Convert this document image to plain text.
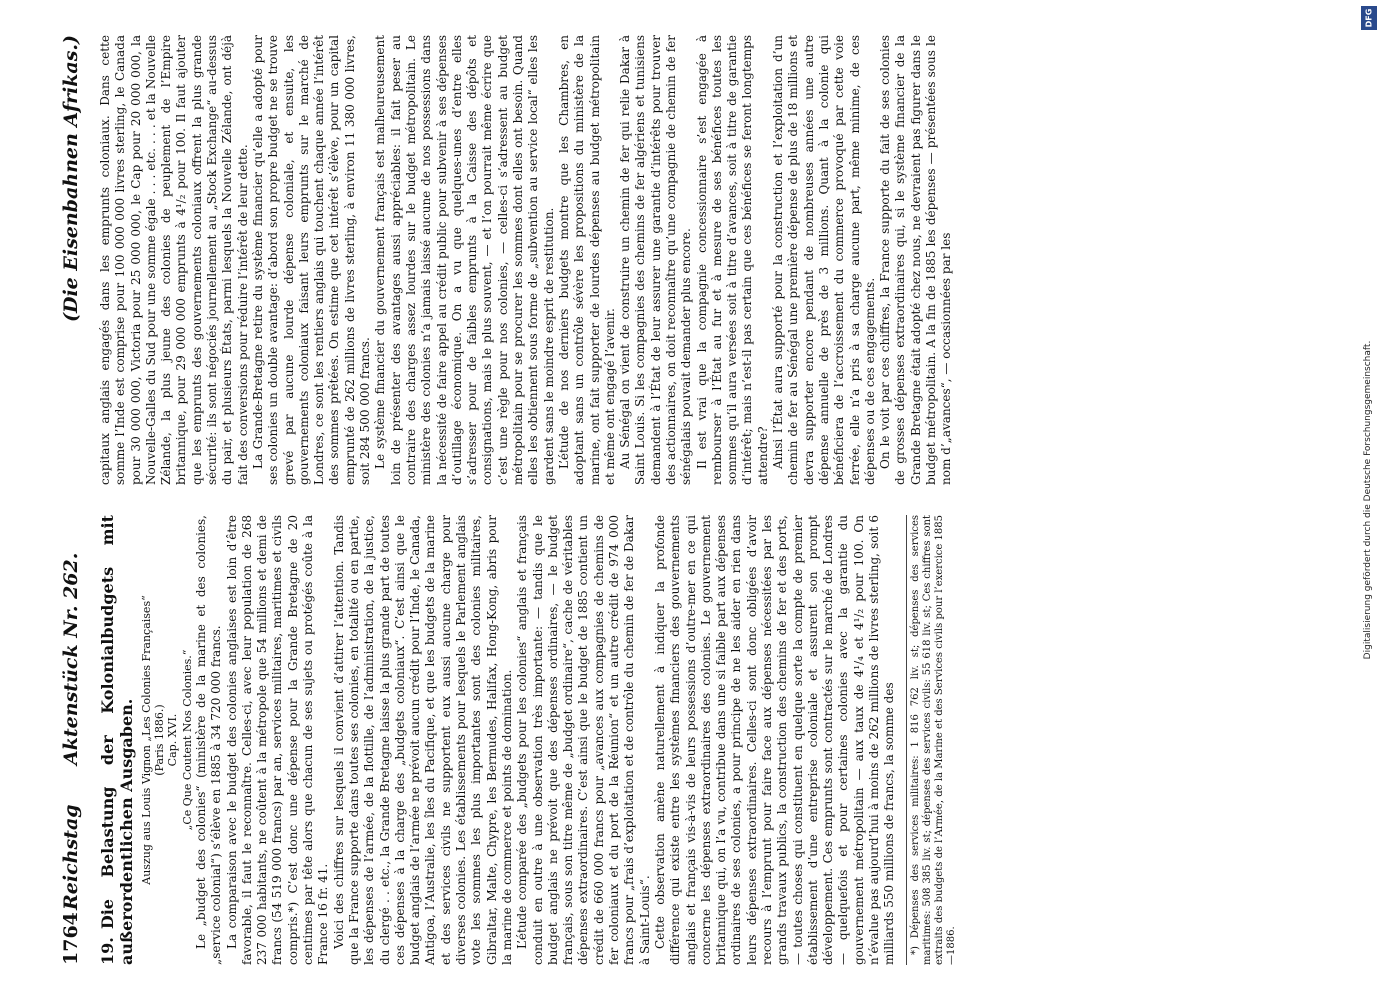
1764
Reichstag
Aktenstück Nr. 262.
(Die Eisenbahnen Afrikas.)
19.Die Belastung der Kolonialbudgets mit außerordentlichen Ausgaben. Auszug aus Louis Vignon „Les Colonies Françaises“ (Paris 1886.) Cap. XVI. „Ce Que Coutent Nos Colonies.“ Le „budget des colonies“ (ministère de la marine et des colonies, „service colonial“) s’élève en 1885 à 34 720 000 francs. La comparaison avec le budget des colonies anglaises est loin d’être favorable, il faut le reconnaître. Celles-ci, avec leur population de 268 237 000 habitants, ne coûtent à la métropole que 54 millions et demi de francs (54 519 000 francs) par an, services militaires, maritimes et civils compris.*) C’est donc une dépense pour la Grande Bretagne de 20 centimes par tête alors que chacun de ses sujets ou protégés coûte à la France 16 fr. 41. Voici des chiffres sur lesquels il convient d’attirer l’attention. Tandis que la France supporte dans toutes ses colonies, en totalité ou en partie, les dépenses de l’armée, de la flottille, de l’administration, de la justice, du clergé . . etc., la Grande Bretagne laisse la plus grande part de toutes ces dépenses à la charge des „budgets coloniaux“. C’est ainsi que le budget anglais de l’armée ne prévoit aucun crédit pour l’Inde, le Canada, Antigoa, l’Australie, les îles du Pacifique, et que les budgets de la marine et des services civils ne supportent eux aussi aucune charge pour diverses colonies. Les établissements pour lesquels le Parlement anglais vote les sommes les plus importantes sont des colonies militaires, Gibraltar, Malte, Chypre, les Bermudes, Halifax, Hong-Kong, abris pour la marine de commerce et points de domination. L’étude comparée des „budgets pour les colonies“ anglais et français conduit en outre à une observation très importante: — tandis que le budget anglais ne prévoit que des dépenses ordinaires, — le budget français, sous son titre même de „budget ordinaire“, cache de véritables dépenses extraordinaires. C’est ainsi que le budget de 1885 contient un crédit de 660 000 francs pour „avances aux compagnies de chemins de fer coloniaux et du port de la Réunion“ et un autre crédit de 974 000 francs pour „frais d’exploitation et de contrôle du chemin de fer de Dakar à Saint-Louis“. Cette observation amène naturellement à indiquer la profonde différence qui existe entre les systèmes financiers des gouvernements anglais et français vis-à-vis de leurs possessions d’outre-mer en ce qui concerne les dépenses extraordinaires des colonies. Le gouvernement britannique qui, on l’a vu, contribue dans une si faible part aux dépenses ordinaires de ses colonies, a pour principe de ne les aider en rien dans leurs dépenses extraordinaires. Celles-ci sont donc obligées d’avoir recours à l’emprunt pour faire face aux dépenses nécessitées par les grands travaux publics, la construction des chemins de fer et des ports, — toutes choses qui constituent en quelque sorte la compte de premier établissement d’une entreprise coloniale et assurent son prompt développement. Ces emprunts sont contractés sur le marché de Londres — quelquefois et pour certaines colonies avec la garantie du gouvernement métropolitain — aux taux de 4¹/₄ et 4¹/₂ pour 100. On n’évalue pas aujourd’hui à moins de 262 millions de livres sterling, soit 6 milliards 550 millions de francs, la somme des *) Dépenses des services militaires: 1 816 762 liv. st; dépenses des services maritimes: 508 385 liv. st; dépenses des services civils: 55 618 liv. st; Ces chiffres sont extraits des budgets de l’Armée, de la Marine et des Services civils pour l’exercice 1885—1886.

capitaux anglais engagés dans les emprunts coloniaux. Dans cette somme l’Inde est comprise pour 100 000 000 livres sterling, le Canada pour 30 000 000, Victoria pour 25 000 000, le Cap pour 20 000 000, la Nouvelle-Galles du Sud pour une somme égale . . . etc. . . . et la Nouvelle Zélande, la plus jeune des colonies de peuplement de l’Empire britannique, pour 29 000 000 emprunts à 4¹/₂ pour 100. Il faut ajouter que les emprunts des gouvernements coloniaux offrent la plus grande sécurité: ils sont négociés journellement au „Stock Exchange“ au-dessus du pair, et plusieurs États, parmi lesquels la Nouvelle Zélande, ont déjà fait des conversions pour réduire l’intérêt de leur dette. La Grande-Bretagne retire du système financier qu’elle a adopté pour ses colonies un double avantage: d’abord son propre budget ne se trouve grevé par aucune lourde dépense coloniale, et ensuite, les gouvernements coloniaux faisant leurs emprunts sur le marché de Londres, ce sont les rentiers anglais qui touchent chaque année l’intérêt des sommes prêtées. On estime que cet intérêt s’élève, pour un capital emprunté de 262 millions de livres sterling, à environ 11 380 000 livres, soit 284 500 000 francs. Le système financier du gouvernement français est malheureusement loin de présenter des avantages aussi appréciables: il fait peser au contraire des charges assez lourdes sur le budget métropolitain. Le ministère des colonies n’a jamais laissé aucune de nos possessions dans la nécessité de faire appel au crédit public pour subvenir à ses dépenses d’outillage économique. On a vu que quelques-unes d’entre elles s’adresser pour de faibles emprunts à la Caisse des dépôts et consignations, mais le plus souvent, — et l’on pourrait même écrire que c’est une règle pour nos colonies, — celles-ci s’adressent au budget métropolitain pour se procurer les sommes dont elles ont besoin. Quand elles les obtiennent sous forme de „subvention au service local“ elles les gardent sans le moindre esprit de restitution. L’étude de nos derniers budgets montre que les Chambres, en adoptant sans un contrôle sévère les propositions du ministère de la marine, ont fait supporter de lourdes dépenses au budget métropolitain et même ont engagé l’avenir. Au Sénégal on vient de construire un chemin de fer qui relie Dakar à Saint Louis. Si les compagnies des chemins de fer algériens et tunisiens demandent à l’État de leur assurer une garantie d’intérêts pour trouver des actionnaires, on doit reconnaître qu’une compagnie de chemin de fer sénégalais pouvait demander plus encore. Il est vrai que la compagnie concessionnaire s’est engagée à rembourser à l’État au fur et à mesure de ses bénéfices toutes les sommes qu’il aura versées soit à titre d’avances, soit à titre de garantie d’intérêt; mais n’est-il pas certain que ces bénéfices se feront longtemps attendre? Ainsi l’État aura supporté pour la construction et l’exploitation d’un chemin de fer au Sénégal une première dépense de plus de 18 millions et devra supporter encore pendant de nombreuses années une autre dépense annuelle de près de 3 millions. Quant à la colonie qui bénéficiera de l’accroissement du commerce provoqué par cette voie ferrée, elle n’a pris à sa charge aucune part, même minime, de ces dépenses ou de ces engagements. On le voit par ces chiffres, la France supporte du fait de ses colonies de grosses dépenses extraordinaires qui, si le système financier de la Grande Bretagne était adopté chez nous, ne devraient pas figurer dans le budget métropolitain. A la fin de 1885 les dépenses — présentées sous le nom d’„avances“, — occasionnées par les

DFG
Digitalisierung gefördert durch die Deutsche Forschungsgemeinschaft.
